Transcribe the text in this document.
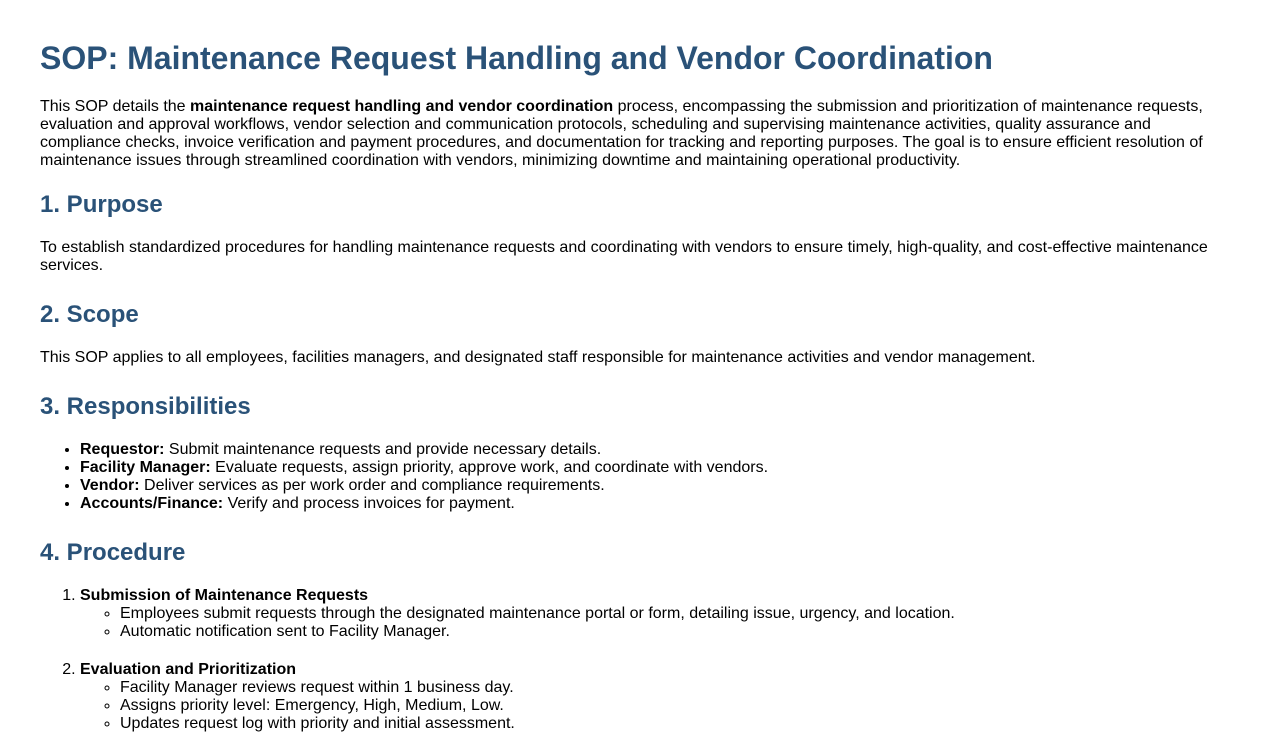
SOP: Maintenance Request Handling and Vendor Coordination

This SOP details the maintenance request handling and vendor coordination process, encompassing the submission and prioritization of maintenance requests, evaluation and approval workflows, vendor selection and communication protocols, scheduling and supervising maintenance activities, quality assurance and compliance checks, invoice verification and payment procedures, and documentation for tracking and reporting purposes. The goal is to ensure efficient resolution of maintenance issues through streamlined coordination with vendors, minimizing downtime and maintaining operational productivity.

1. Purpose

To establish standardized procedures for handling maintenance requests and coordinating with vendors to ensure timely, high-quality, and cost-effective maintenance services.

2. Scope

This SOP applies to all employees, facilities managers, and designated staff responsible for maintenance activities and vendor management.

3. Responsibilities
• Requestor: Submit maintenance requests and provide necessary details.
• Facility Manager: Evaluate requests, assign priority, approve work, and coordinate with vendors.
• Vendor: Deliver services as per work order and compliance requirements.
• Accounts/Finance: Verify and process invoices for payment.
4. Procedure
1. Submission of Maintenance Requests
◦ Employees submit requests through the designated maintenance portal or form, detailing issue, urgency, and location.
◦ Automatic notification sent to Facility Manager.
2. Evaluation and Prioritization
◦ Facility Manager reviews request within 1 business day.
◦ Assigns priority level: Emergency, High, Medium, Low.
◦ Updates request log with priority and initial assessment.
